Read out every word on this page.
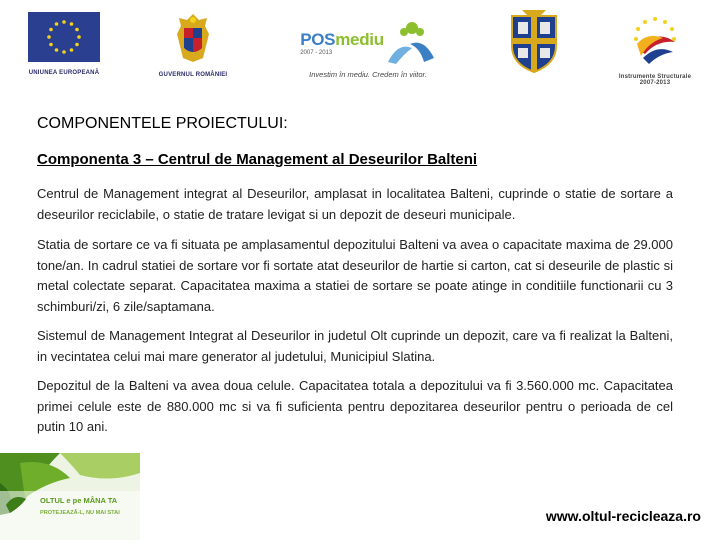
UNIUNEA EUROPEANĂ	GUVERNUL ROMÂNIEI
POSmediu
2007 - 2013
Investim în mediu. Credem în viitor.	Instrumente Structurale
2007-2013
COMPONENTELE PROIECTULUI:
Componenta 3 – Centrul de Management al Deseurilor Balteni

Centrul de Management integrat al Deseurilor, amplasat in localitatea Balteni, cuprinde o statie de sortare a deseurilor reciclabile, o statie de tratare levigat si un depozit de deseuri municipale.

Statia de sortare ce va fi situata pe amplasamentul depozitului Balteni va avea o capacitate maxima de 29.000 tone/an. In cadrul statiei de sortare vor fi sortate atat deseurilor de hartie si carton, cat si deseurile de plastic si metal colectate separat. Capacitatea maxima a statiei de sortare se poate atinge in conditiile functionarii cu 3 schimburi/zi, 6 zile/saptamana.

Sistemul de Management Integrat al Deseurilor in judetul Olt cuprinde un depozit, care va fi realizat la Balteni, in vecintatea celui mai mare generator al judetului, Municipiul Slatina.

Depozitul de la Balteni va avea doua celule. Capacitatea totala a depozitului va fi 3.560.000 mc. Capacitatea primei celule este de 880.000 mc si va fi suficienta pentru depozitarea deseurilor pentru o perioada de cel putin 10 ani.

OLTUL e pe MÂNA TA
PROTEJEAZĂ-L, NU MAI STAI	www.oltul-recicleaza.ro
